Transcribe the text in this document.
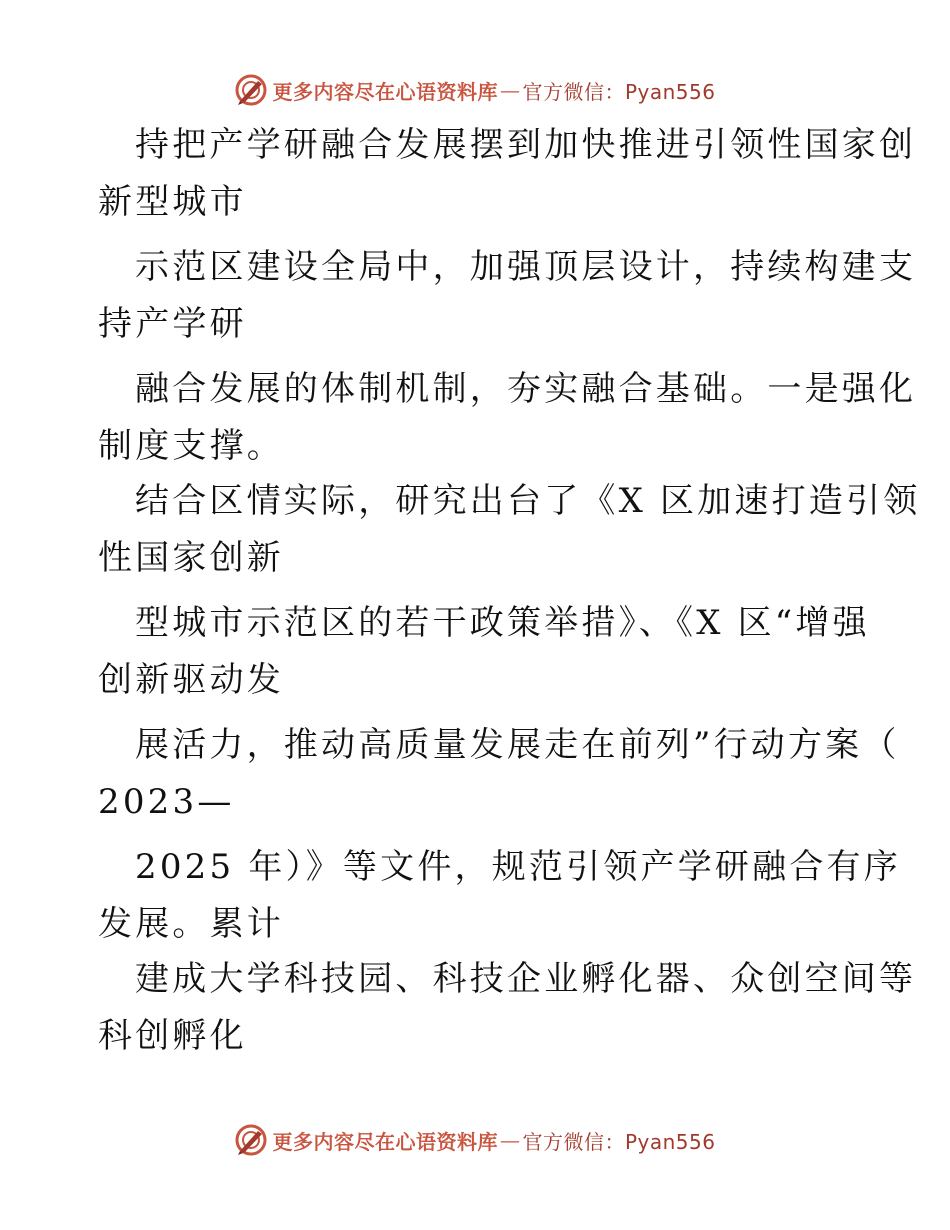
更多内容尽在心语资料库 — 官方微信：Pyan556
持把产学研融合发展摆到加快推进引领性国家创
新型城市
示范区建设全局中，加强顶层设计，持续构建支
持产学研
融合发展的体制机制，夯实融合基础。一是强化
制度支撑。
结合区情实际，研究出台了《X 区加速打造引领
性国家创新
型城市示范区的若干政策举措》、《X 区“增强
创新驱动发
展活力，推动高质量发展走在前列”行动方案（
2023—
2025 年）》等文件，规范引领产学研融合有序
发展。累计
建成大学科技园、科技企业孵化器、众创空间等
科创孵化
更多内容尽在心语资料库 — 官方微信：Pyan556
